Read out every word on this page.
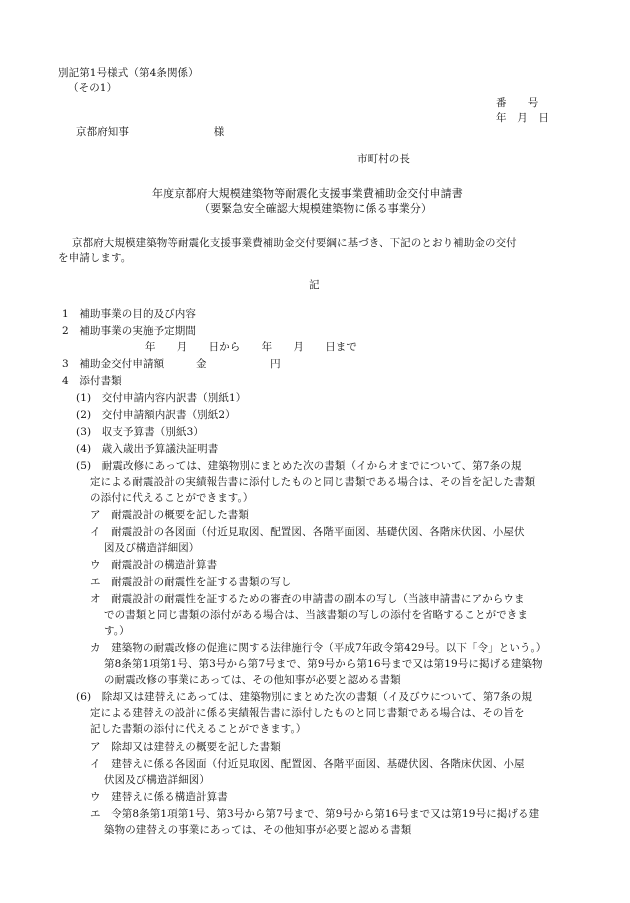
別記第1号様式（第4条関係）
（その1）
番　　号
年　月　日
京都府知事　　　　　　　　様
市町村の長
年度京都府大規模建築物等耐震化支援事業費補助金交付申請書
（要緊急安全確認大規模建築物に係る事業分）
京都府大規模建築物等耐震化支援事業費補助金交付要綱に基づき、下記のとおり補助金の交付
を申請します。
記
1　補助事業の目的及び内容
2　補助事業の実施予定期間
年　　月　　日から　　年　　月　　日まで
3　補助金交付申請額　　　金　　　　　　円
4　添付書類
(1)　交付申請内容内訳書（別紙1）
(2)　交付申請額内訳書（別紙2）
(3)　収支予算書（別紙3）
(4)　歳入歳出予算議決証明書
(5)　耐震改修にあっては、建築物別にまとめた次の書類（イからオまでについて、第7条の規
定による耐震設計の実績報告書に添付したものと同じ書類である場合は、その旨を記した書類
の添付に代えることができます。）
ア　耐震設計の概要を記した書類
イ　耐震設計の各図面（付近見取図、配置図、各階平面図、基礎伏図、各階床伏図、小屋伏
図及び構造詳細図）
ウ　耐震設計の構造計算書
エ　耐震設計の耐震性を証する書類の写し
オ　耐震設計の耐震性を証するための審査の申請書の副本の写し（当該申請書にアからウま
での書類と同じ書類の添付がある場合は、当該書類の写しの添付を省略することができま
す。）
カ　建築物の耐震改修の促進に関する法律施行令（平成7年政令第429号。以下「令」という。）
第8条第1項第1号、第3号から第7号まで、第9号から第16号まで又は第19号に掲げる建築物
の耐震改修の事業にあっては、その他知事が必要と認める書類
(6)　除却又は建替えにあっては、建築物別にまとめた次の書類（イ及びウについて、第7条の規
定による建替えの設計に係る実績報告書に添付したものと同じ書類である場合は、その旨を
記した書類の添付に代えることができます。）
ア　除却又は建替えの概要を記した書類
イ　建替えに係る各図面（付近見取図、配置図、各階平面図、基礎伏図、各階床伏図、小屋
伏図及び構造詳細図）
ウ　建替えに係る構造計算書
エ　令第8条第1項第1号、第3号から第7号まで、第9号から第16号まで又は第19号に掲げる建
築物の建替えの事業にあっては、その他知事が必要と認める書類
